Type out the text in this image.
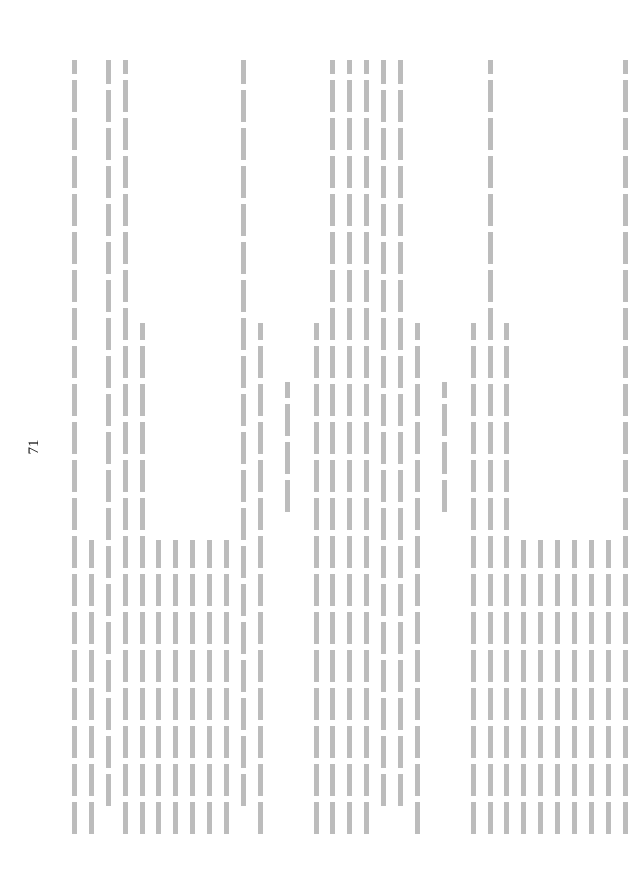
71
